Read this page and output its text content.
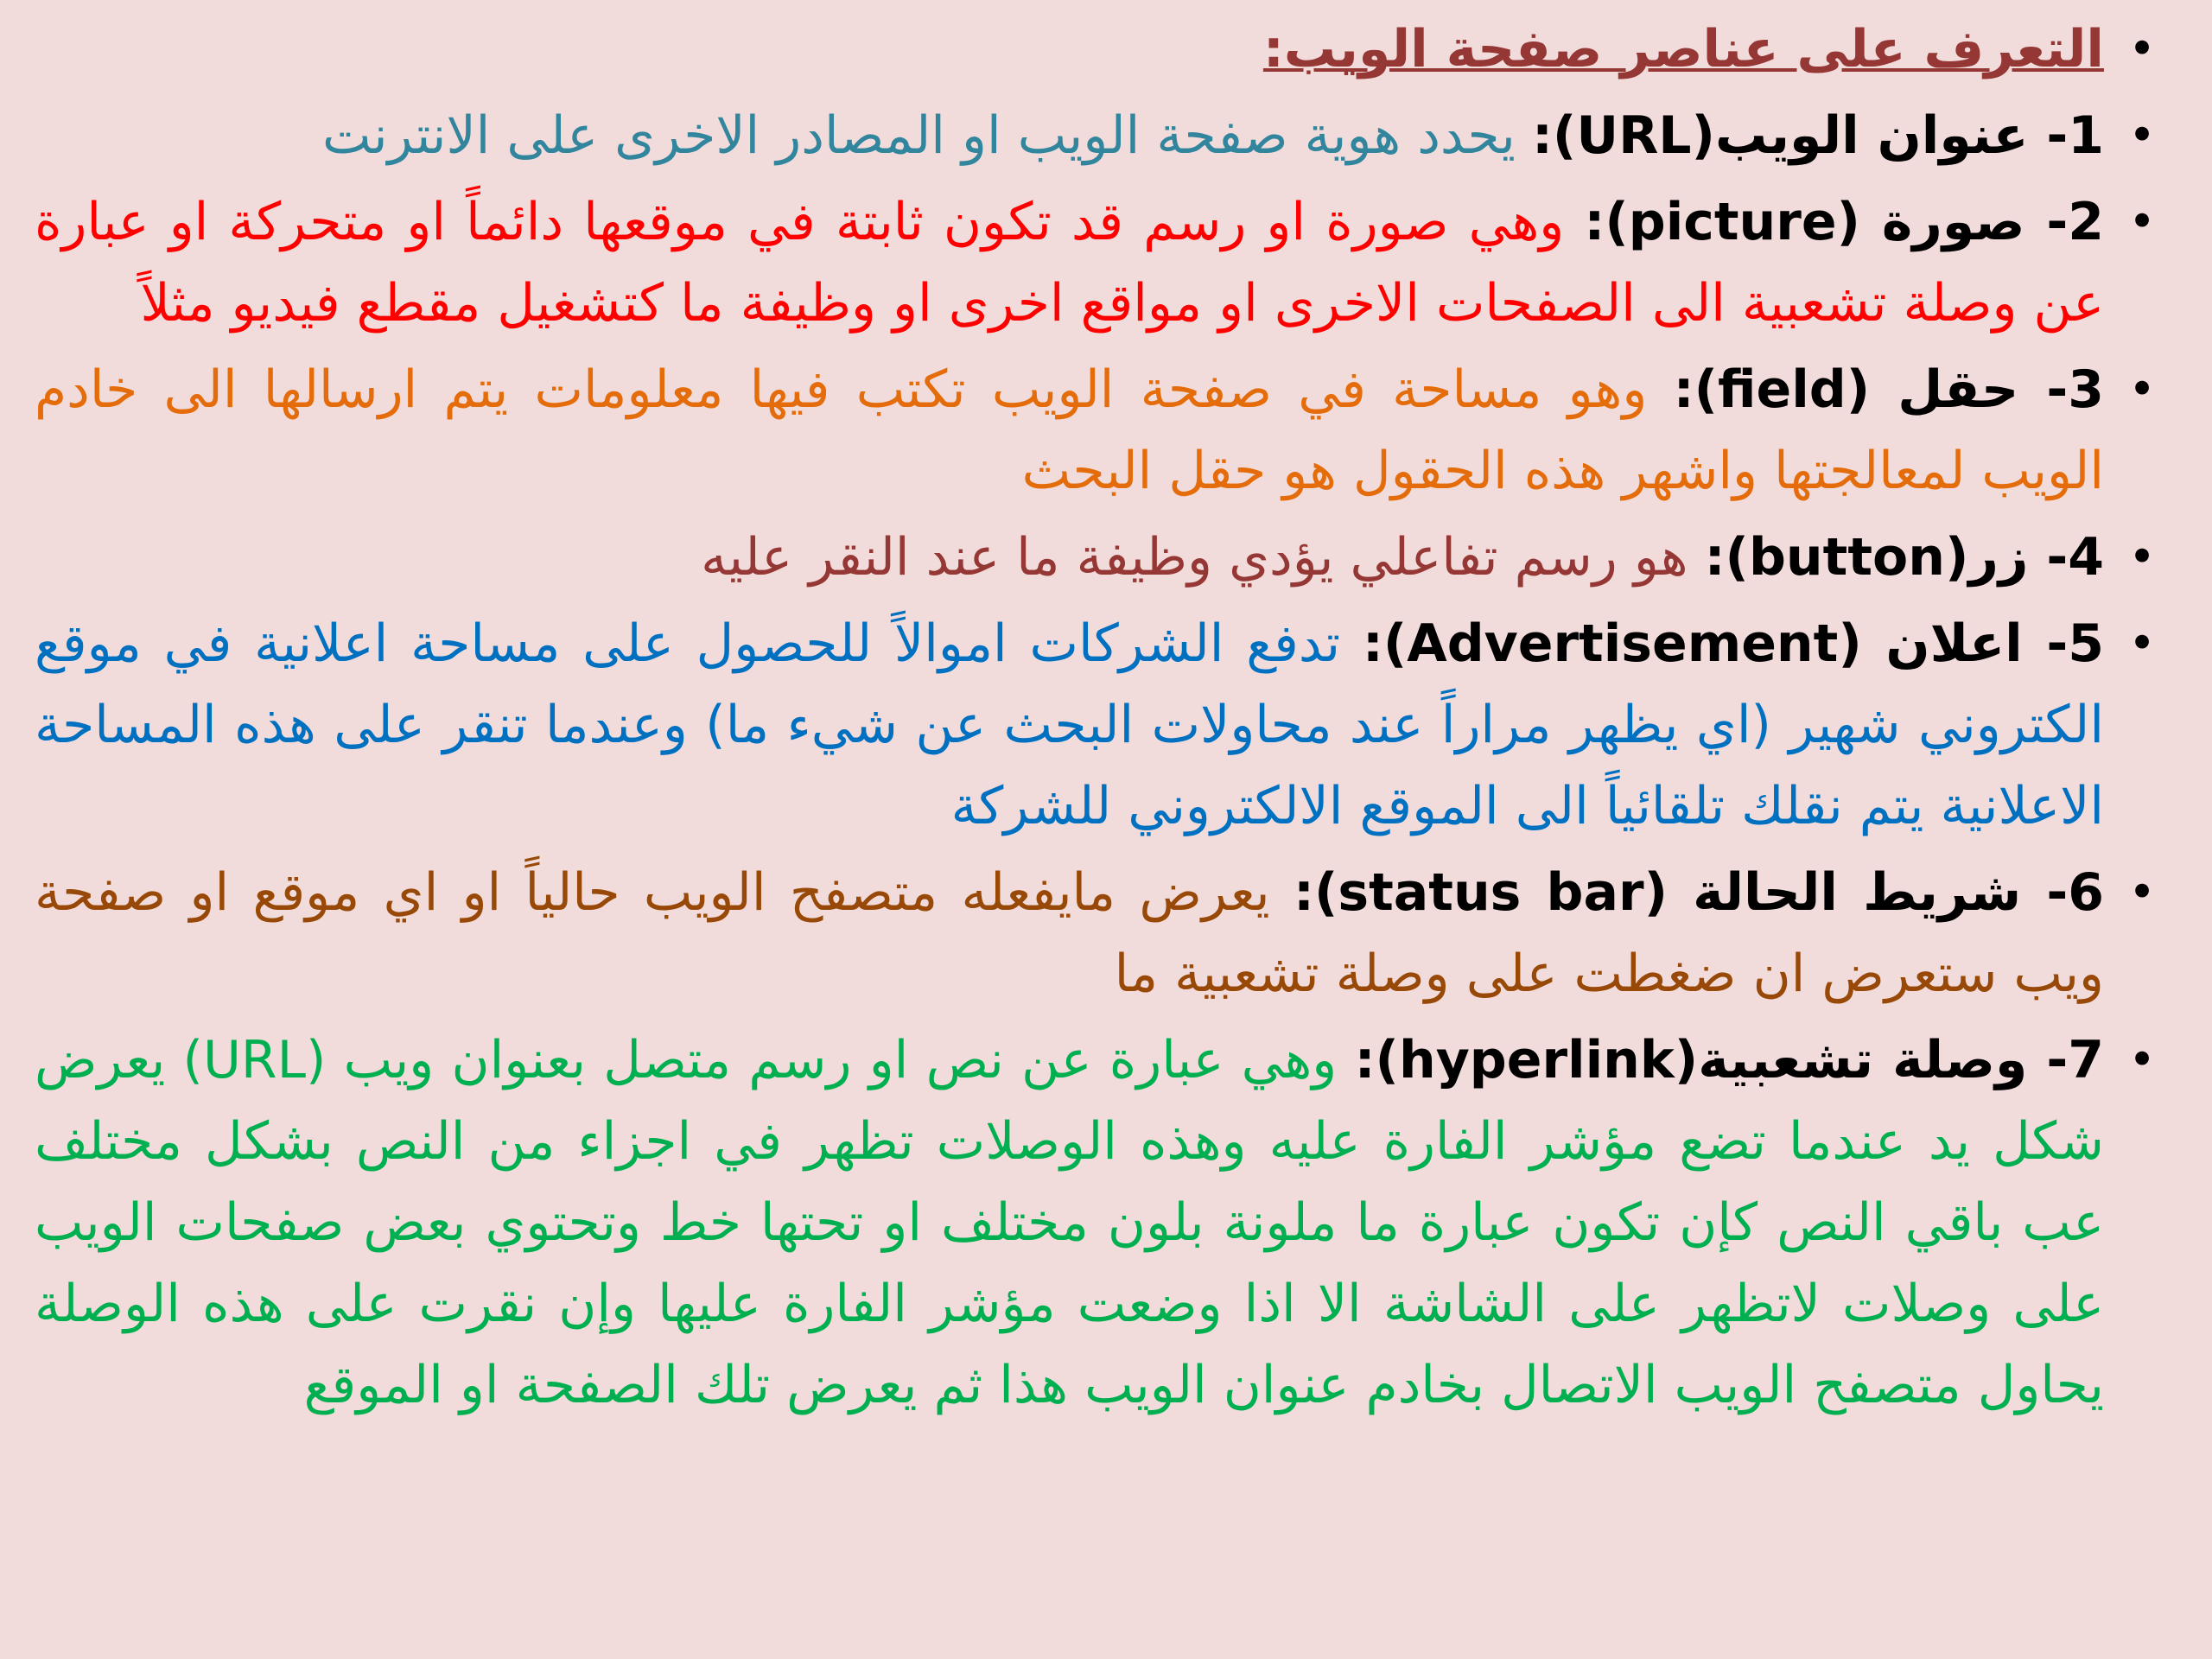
•
التعرف على عناصر صفحة الويب:
•
1- عنوان الويب(URL): يحدد هوية صفحة الويب او المصادر الاخرى على الانترنت
•
2- صورة (picture): وهي صورة او رسم قد تكون ثابتة في موقعها دائماً او متحركة او عبارة عن وصلة تشعبية الى الصفحات الاخرى او مواقع اخرى او وظيفة ما كتشغيل مقطع فيديو مثلاً
•
3- حقل (field): وهو مساحة في صفحة الويب تكتب فيها معلومات يتم ارسالها الى خادم الويب لمعالجتها واشهر هذه الحقول هو حقل البحث
•
4- زر(button): هو رسم تفاعلي يؤدي وظيفة ما عند النقر عليه
•
5- اعلان (Advertisement): تدفع الشركات اموالاً للحصول على مساحة اعلانية في موقع الكتروني شهير (اي يظهر مراراً عند محاولات البحث عن شيء ما) وعندما تنقر على هذه المساحة الاعلانية يتم نقلك تلقائياً الى الموقع الالكتروني للشركة
•
6- شريط الحالة (status bar): يعرض مايفعله متصفح الويب حالياً او اي موقع او صفحة ويب ستعرض ان ضغطت على وصلة تشعبية ما
•
7- وصلة تشعبية(hyperlink): وهي عبارة عن نص او رسم متصل بعنوان ويب (URL) يعرض شكل يد عندما تضع مؤشر الفارة عليه وهذه الوصلات تظهر في اجزاء من النص بشكل مختلف عب باقي النص كإن تكون عبارة ما ملونة بلون مختلف او تحتها خط وتحتوي بعض صفحات الويب على وصلات لاتظهر على الشاشة الا اذا وضعت مؤشر الفارة عليها وإن نقرت على هذه الوصلة يحاول متصفح الويب الاتصال بخادم عنوان الويب هذا ثم يعرض تلك الصفحة او الموقع
